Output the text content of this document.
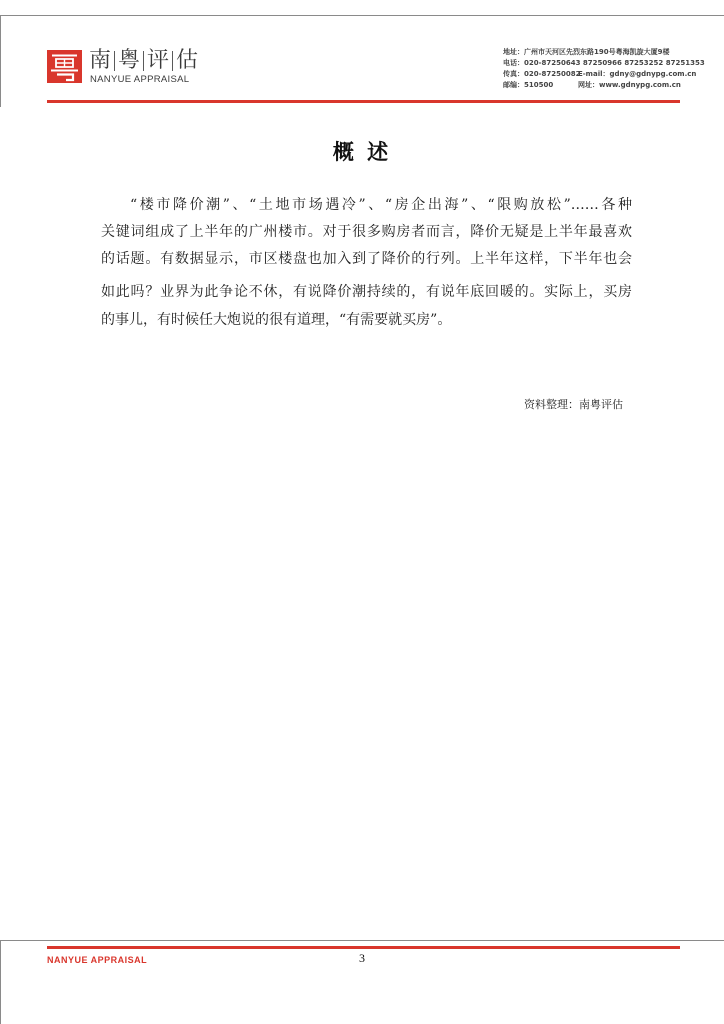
南 粤 评 估
NANYUE APPRAISAL
地址：广州市天河区先烈东路190号粤海凯旋大厦9楼
电话：020-87250643 87250966 87253252 87251353
传真：020-87250082E-mail：gdny@gdnypg.com.cn
邮编：510500	网址：www.gdnypg.com.cn
概 述
“楼市降价潮”、“土地市场遇冷”、“房企出海”、“限购放松”……各种
关键词组成了上半年的广州楼市。对于很多购房者而言，降价无疑是上半年最喜欢
的话题。有数据显示，市区楼盘也加入到了降价的行列。上半年这样，下半年也会
如此吗？业界为此争论不休，有说降价潮持续的，有说年底回暖的。实际上，买房
的事儿，有时候任大炮说的很有道理，“有需要就买房”。
资料整理：南粤评估
NANYUE APPRAISAL	3
